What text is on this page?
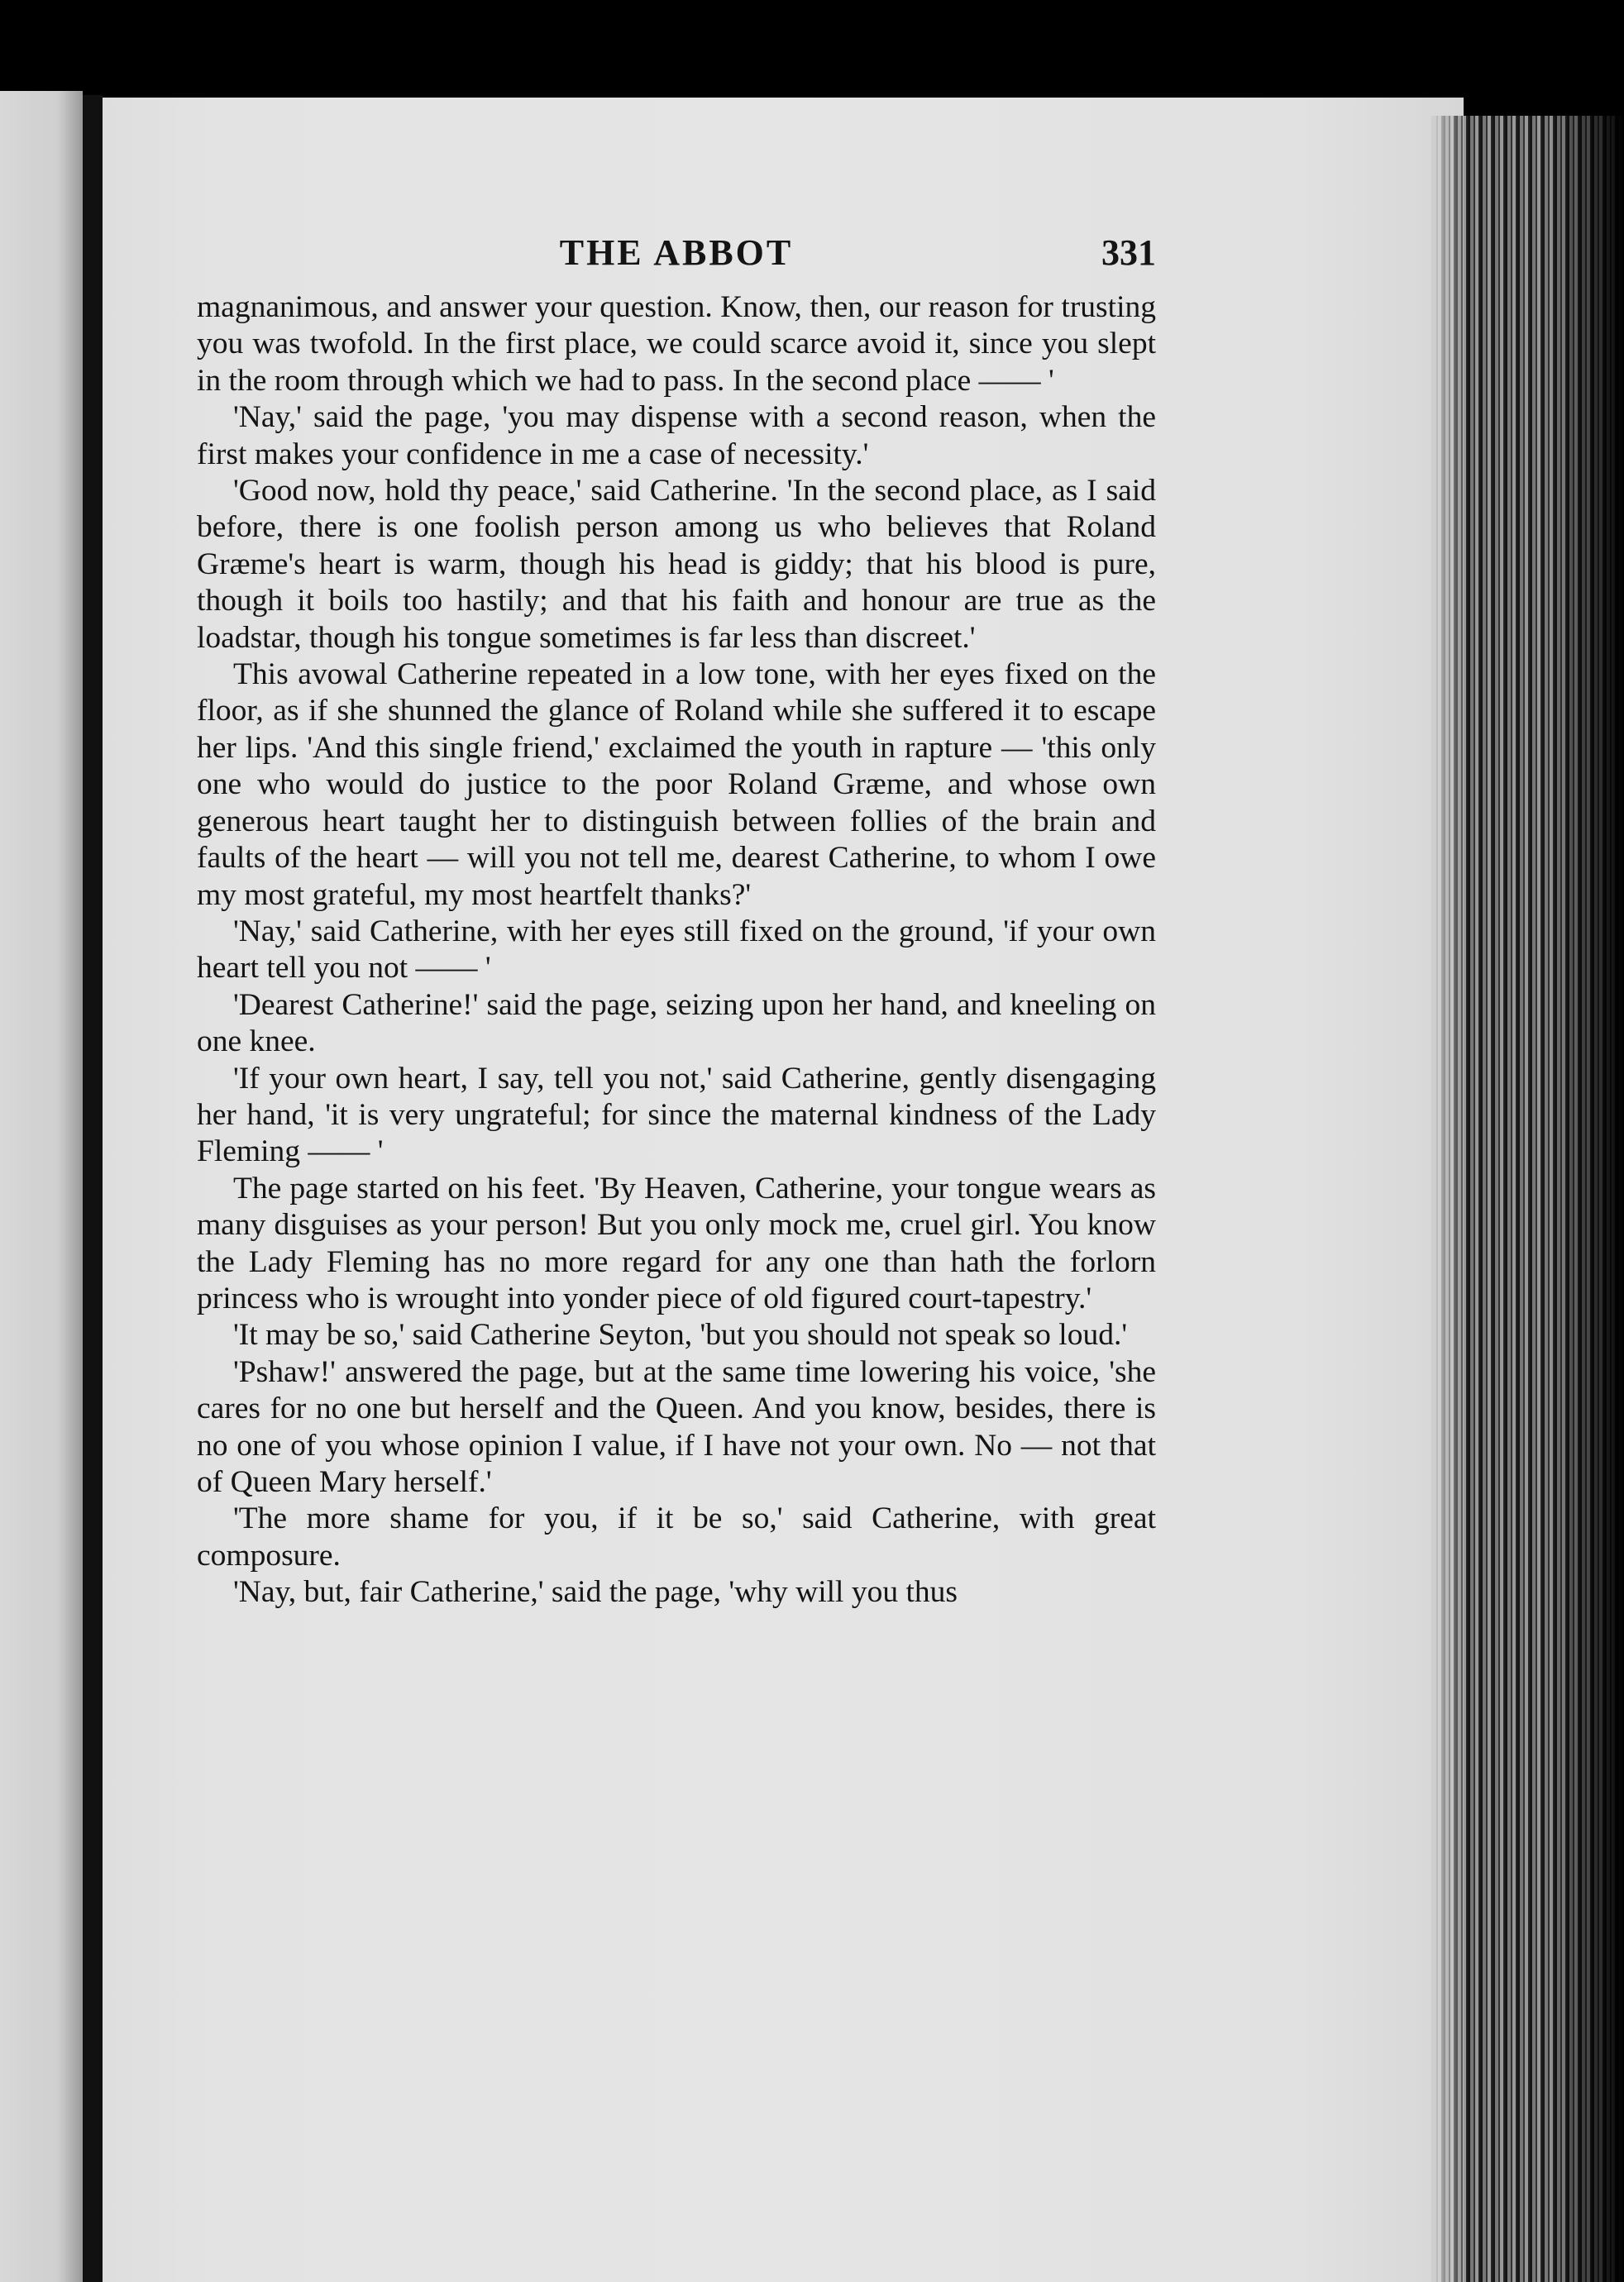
THE ABBOT	331

magnanimous, and answer your question. Know, then, our reason for trusting you was twofold. In the first place, we could scarce avoid it, since you slept in the room through which we had to pass. In the second place —— '

'Nay,' said the page, 'you may dispense with a second reason, when the first makes your confidence in me a case of necessity.'

'Good now, hold thy peace,' said Catherine. 'In the second place, as I said before, there is one foolish person among us who believes that Roland Græme's heart is warm, though his head is giddy; that his blood is pure, though it boils too hastily; and that his faith and honour are true as the loadstar, though his tongue sometimes is far less than discreet.'

This avowal Catherine repeated in a low tone, with her eyes fixed on the floor, as if she shunned the glance of Roland while she suffered it to escape her lips. 'And this single friend,' exclaimed the youth in rapture — 'this only one who would do justice to the poor Roland Græme, and whose own generous heart taught her to distinguish between follies of the brain and faults of the heart — will you not tell me, dearest Catherine, to whom I owe my most grateful, my most heartfelt thanks?'

'Nay,' said Catherine, with her eyes still fixed on the ground, 'if your own heart tell you not —— '

'Dearest Catherine!' said the page, seizing upon her hand, and kneeling on one knee.

'If your own heart, I say, tell you not,' said Catherine, gently disengaging her hand, 'it is very ungrateful; for since the maternal kindness of the Lady Fleming —— '

The page started on his feet. 'By Heaven, Catherine, your tongue wears as many disguises as your person! But you only mock me, cruel girl. You know the Lady Fleming has no more regard for any one than hath the forlorn princess who is wrought into yonder piece of old figured court-tapestry.'

'It may be so,' said Catherine Seyton, 'but you should not speak so loud.'

'Pshaw!' answered the page, but at the same time lowering his voice, 'she cares for no one but herself and the Queen. And you know, besides, there is no one of you whose opinion I value, if I have not your own. No — not that of Queen Mary herself.'

'The more shame for you, if it be so,' said Catherine, with great composure.

'Nay, but, fair Catherine,' said the page, 'why will you thus
